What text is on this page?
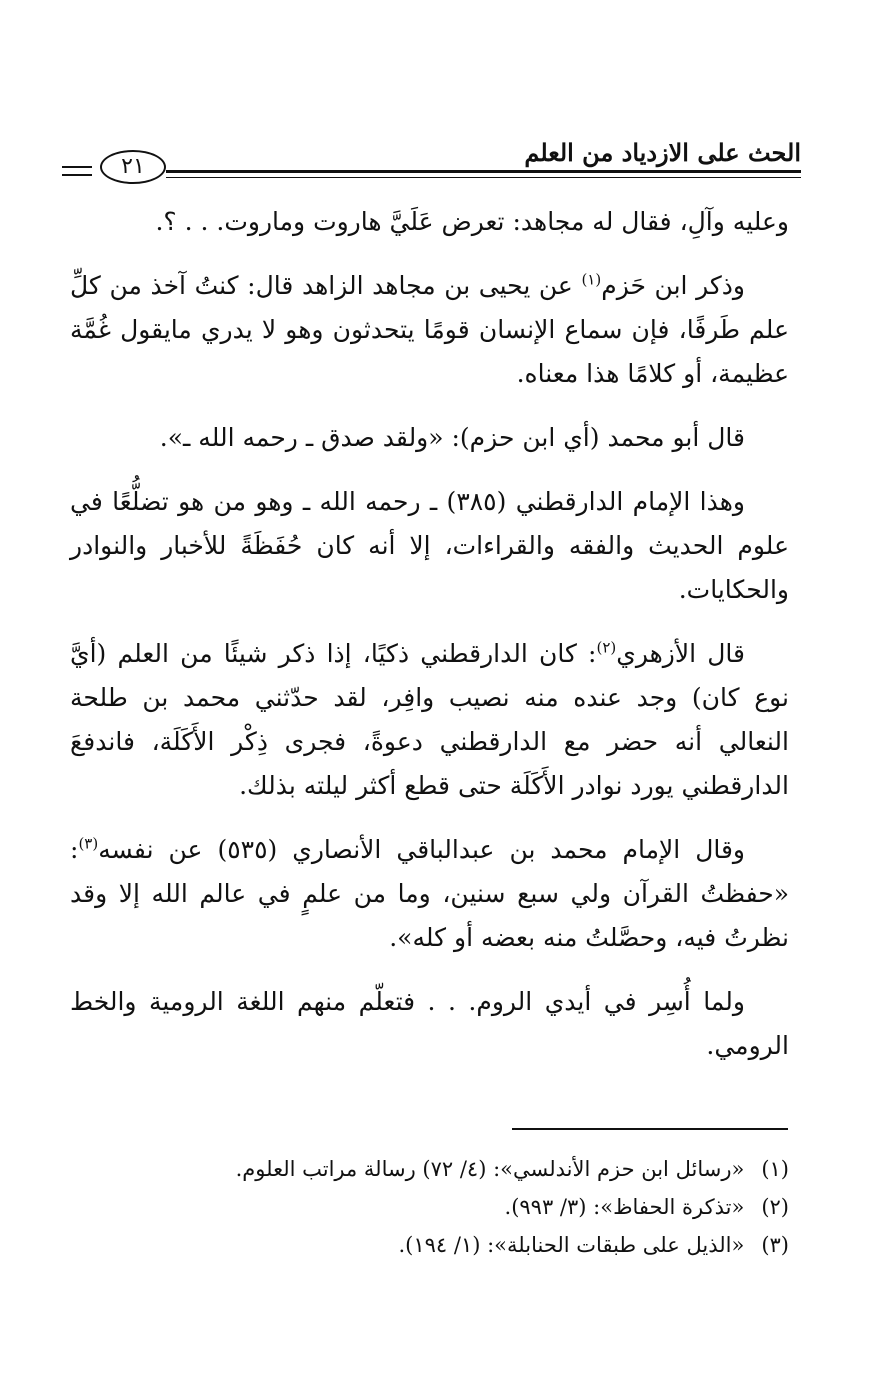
الحث على الازدياد من العلم
٢١

وعليه وآلِ، فقال له مجاهد: تعرض عَلَيَّ هاروت وماروت. . . ؟.

وذكر ابن حَزم$^{(١)}$ عن يحيى بن مجاهد الزاهد قال: كنتُ آخذ من كلِّ علم طَرفًا، فإن سماع الإنسان قومًا يتحدثون وهو لا يدري مايقول غُمَّة عظيمة، أو كلامًا هذا معناه.

قال أبو محمد (أي ابن حزم): «ولقد صدق ـ رحمه الله ـ».

وهذا الإمام الدارقطني (٣٨٥) ـ رحمه الله ـ وهو من هو تضلُّعًا في علوم الحديث والفقه والقراءات، إلا أنه كان حُفَظَةً للأخبار والنوادر والحكايات.

قال الأزهري$^{(٢)}$: كان الدارقطني ذكيًا، إذا ذكر شيئًا من العلم (أيَّ نوع كان) وجد عنده منه نصيب وافِر، لقد حدّثني محمد بن طلحة النعالي أنه حضر مع الدارقطني دعوةً، فجرى ذِكْر الأَكَلَة، فاندفعَ الدارقطني يورد نوادر الأَكَلَة حتى قطع أكثر ليلته بذلك.

وقال الإمام محمد بن عبدالباقي الأنصاري (٥٣٥) عن نفسه$^{(٣)}$: «حفظتُ القرآن ولي سبع سنين، وما من علمٍ في عالم الله إلا وقد نظرتُ فيه، وحصَّلتُ منه بعضه أو كله».

ولما أُسِر في أيدي الروم. . . فتعلّم منهم اللغة الرومية والخط الرومي.

(١) «رسائل ابن حزم الأندلسي»: (٤/ ٧٢) رسالة مراتب العلوم.
(٢) «تذكرة الحفاظ»: (٣/ ٩٩٣).
(٣) «الذيل على طبقات الحنابلة»: (١/ ١٩٤).
